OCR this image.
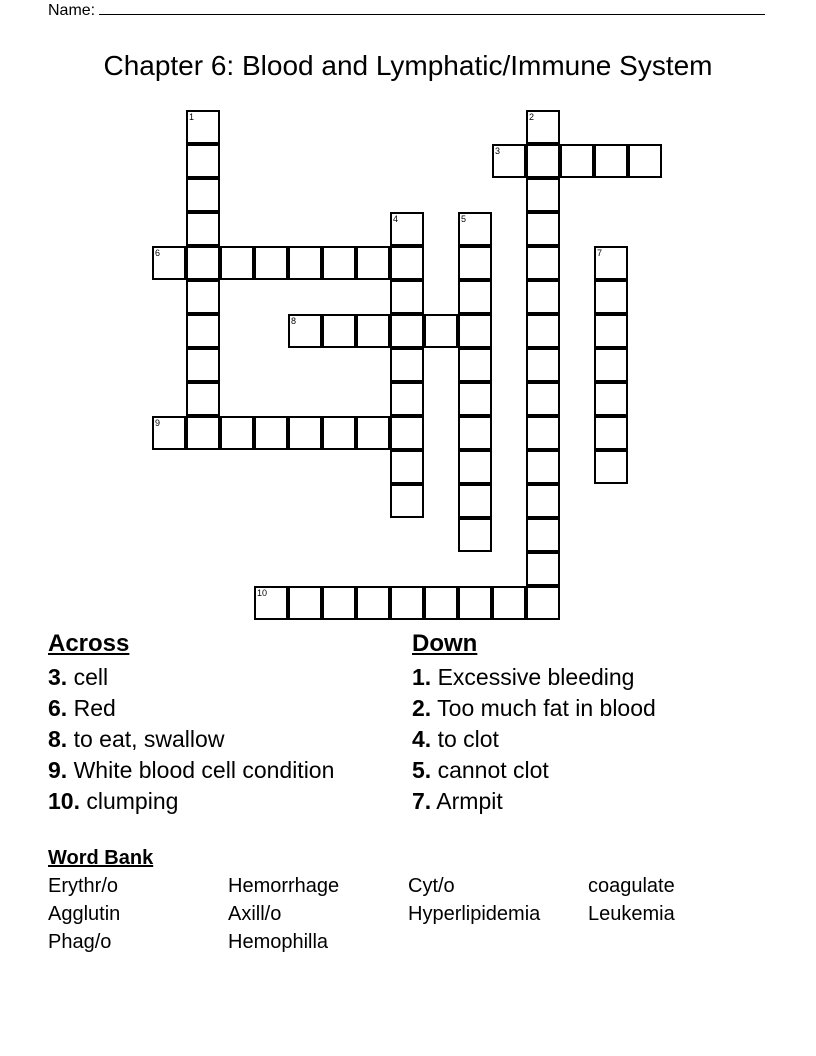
Name:
Chapter 6: Blood and Lymphatic/Immune System
1	2
3
4	5
6	7
8
9
10
Across
3. cell
6. Red
8. to eat, swallow
9. White blood cell condition
10. clumping
Down
1. Excessive bleeding
2. Too much fat in blood
4. to clot
5. cannot clot
7. Armpit
Word Bank
Erythr/o	Hemorrhage	Cyt/o	coagulate
Agglutin	Axill/o	Hyperlipidemia Leukemia
Phag/o	Hemophilla
